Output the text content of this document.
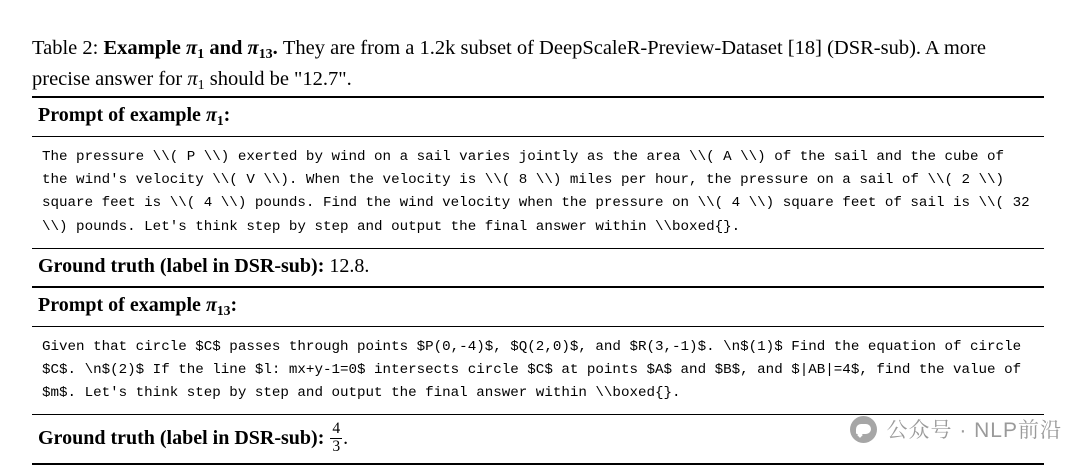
Table 2: Example $\pi_1$ and $\pi_{13}$. They are from a 1.2k subset of DeepScaleR-Preview-Dataset [18] (DSR-sub). A more precise answer for $\pi_1$ should be "12.7".
Prompt of example $\pi_1$:
The pressure \\( P \\) exerted by wind on a sail varies jointly as the area \\( A \\) of the sail and the cube of the wind's velocity \\( V \\). When the velocity is \\( 8 \\) miles per hour, the pressure on a sail of \\( 2 \\) square feet is \\( 4 \\) pounds. Find the wind velocity when the pressure on \\( 4 \\) square feet of sail is \\( 32 \\) pounds. Let's think step by step and output the final answer within \\boxed{}.
Ground truth (label in DSR-sub): 12.8.
Prompt of example $\pi_{13}$:
Given that circle $C$ passes through points $P(0,-4)$, $Q(2,0)$, and $R(3,-1)$. \n$(1)$ Find the equation of circle $C$. \n$(2)$ If the line $l: mx+y-1=0$ intersects circle $C$ at points $A$ and $B$, and $|AB|=4$, find the value of $m$. Let's think step by step and output the final answer within \\boxed{}.
Ground truth (label in DSR-sub): $\frac{4}{3}$ .	公众号 · NLP前沿
